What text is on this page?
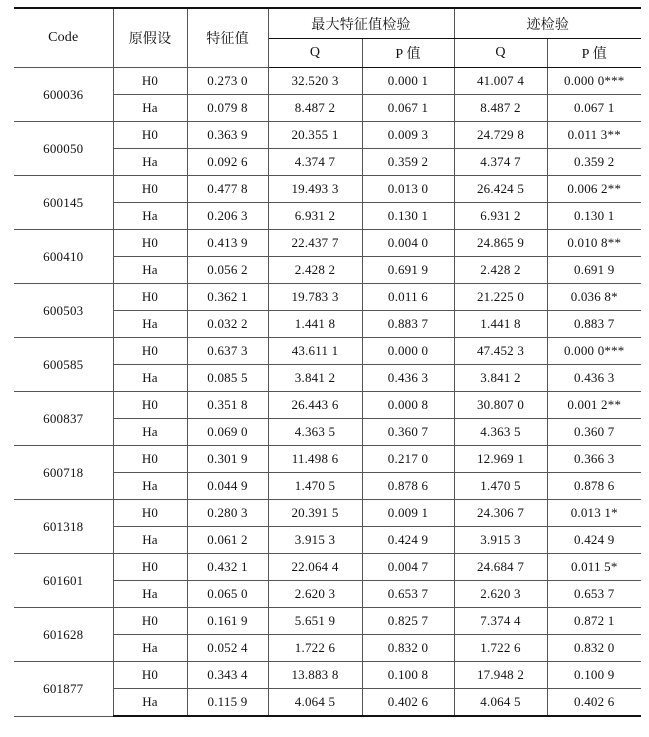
Code	原假设	特征值	最大特征值检验		迹检验	
			Q	P 值	Q	P 值
600036	H0	0.273 0	32.520 3	0.000 1	41.007 4	0.000 0***
	Ha	0.079 8	8.487 2	0.067 1	8.487 2	0.067 1
600050	H0	0.363 9	20.355 1	0.009 3	24.729 8	0.011 3**
	Ha	0.092 6	4.374 7	0.359 2	4.374 7	0.359 2
600145	H0	0.477 8	19.493 3	0.013 0	26.424 5	0.006 2**
	Ha	0.206 3	6.931 2	0.130 1	6.931 2	0.130 1
600410	H0	0.413 9	22.437 7	0.004 0	24.865 9	0.010 8**
	Ha	0.056 2	2.428 2	0.691 9	2.428 2	0.691 9
600503	H0	0.362 1	19.783 3	0.011 6	21.225 0	0.036 8*
	Ha	0.032 2	1.441 8	0.883 7	1.441 8	0.883 7
600585	H0	0.637 3	43.611 1	0.000 0	47.452 3	0.000 0***
	Ha	0.085 5	3.841 2	0.436 3	3.841 2	0.436 3
600837	H0	0.351 8	26.443 6	0.000 8	30.807 0	0.001 2**
	Ha	0.069 0	4.363 5	0.360 7	4.363 5	0.360 7
600718	H0	0.301 9	11.498 6	0.217 0	12.969 1	0.366 3
	Ha	0.044 9	1.470 5	0.878 6	1.470 5	0.878 6
601318	H0	0.280 3	20.391 5	0.009 1	24.306 7	0.013 1*
	Ha	0.061 2	3.915 3	0.424 9	3.915 3	0.424 9
601601	H0	0.432 1	22.064 4	0.004 7	24.684 7	0.011 5*
	Ha	0.065 0	2.620 3	0.653 7	2.620 3	0.653 7
601628	H0	0.161 9	5.651 9	0.825 7	7.374 4	0.872 1
	Ha	0.052 4	1.722 6	0.832 0	1.722 6	0.832 0
601877	H0	0.343 4	13.883 8	0.100 8	17.948 2	0.100 9
	Ha	0.115 9	4.064 5	0.402 6	4.064 5	0.402 6
